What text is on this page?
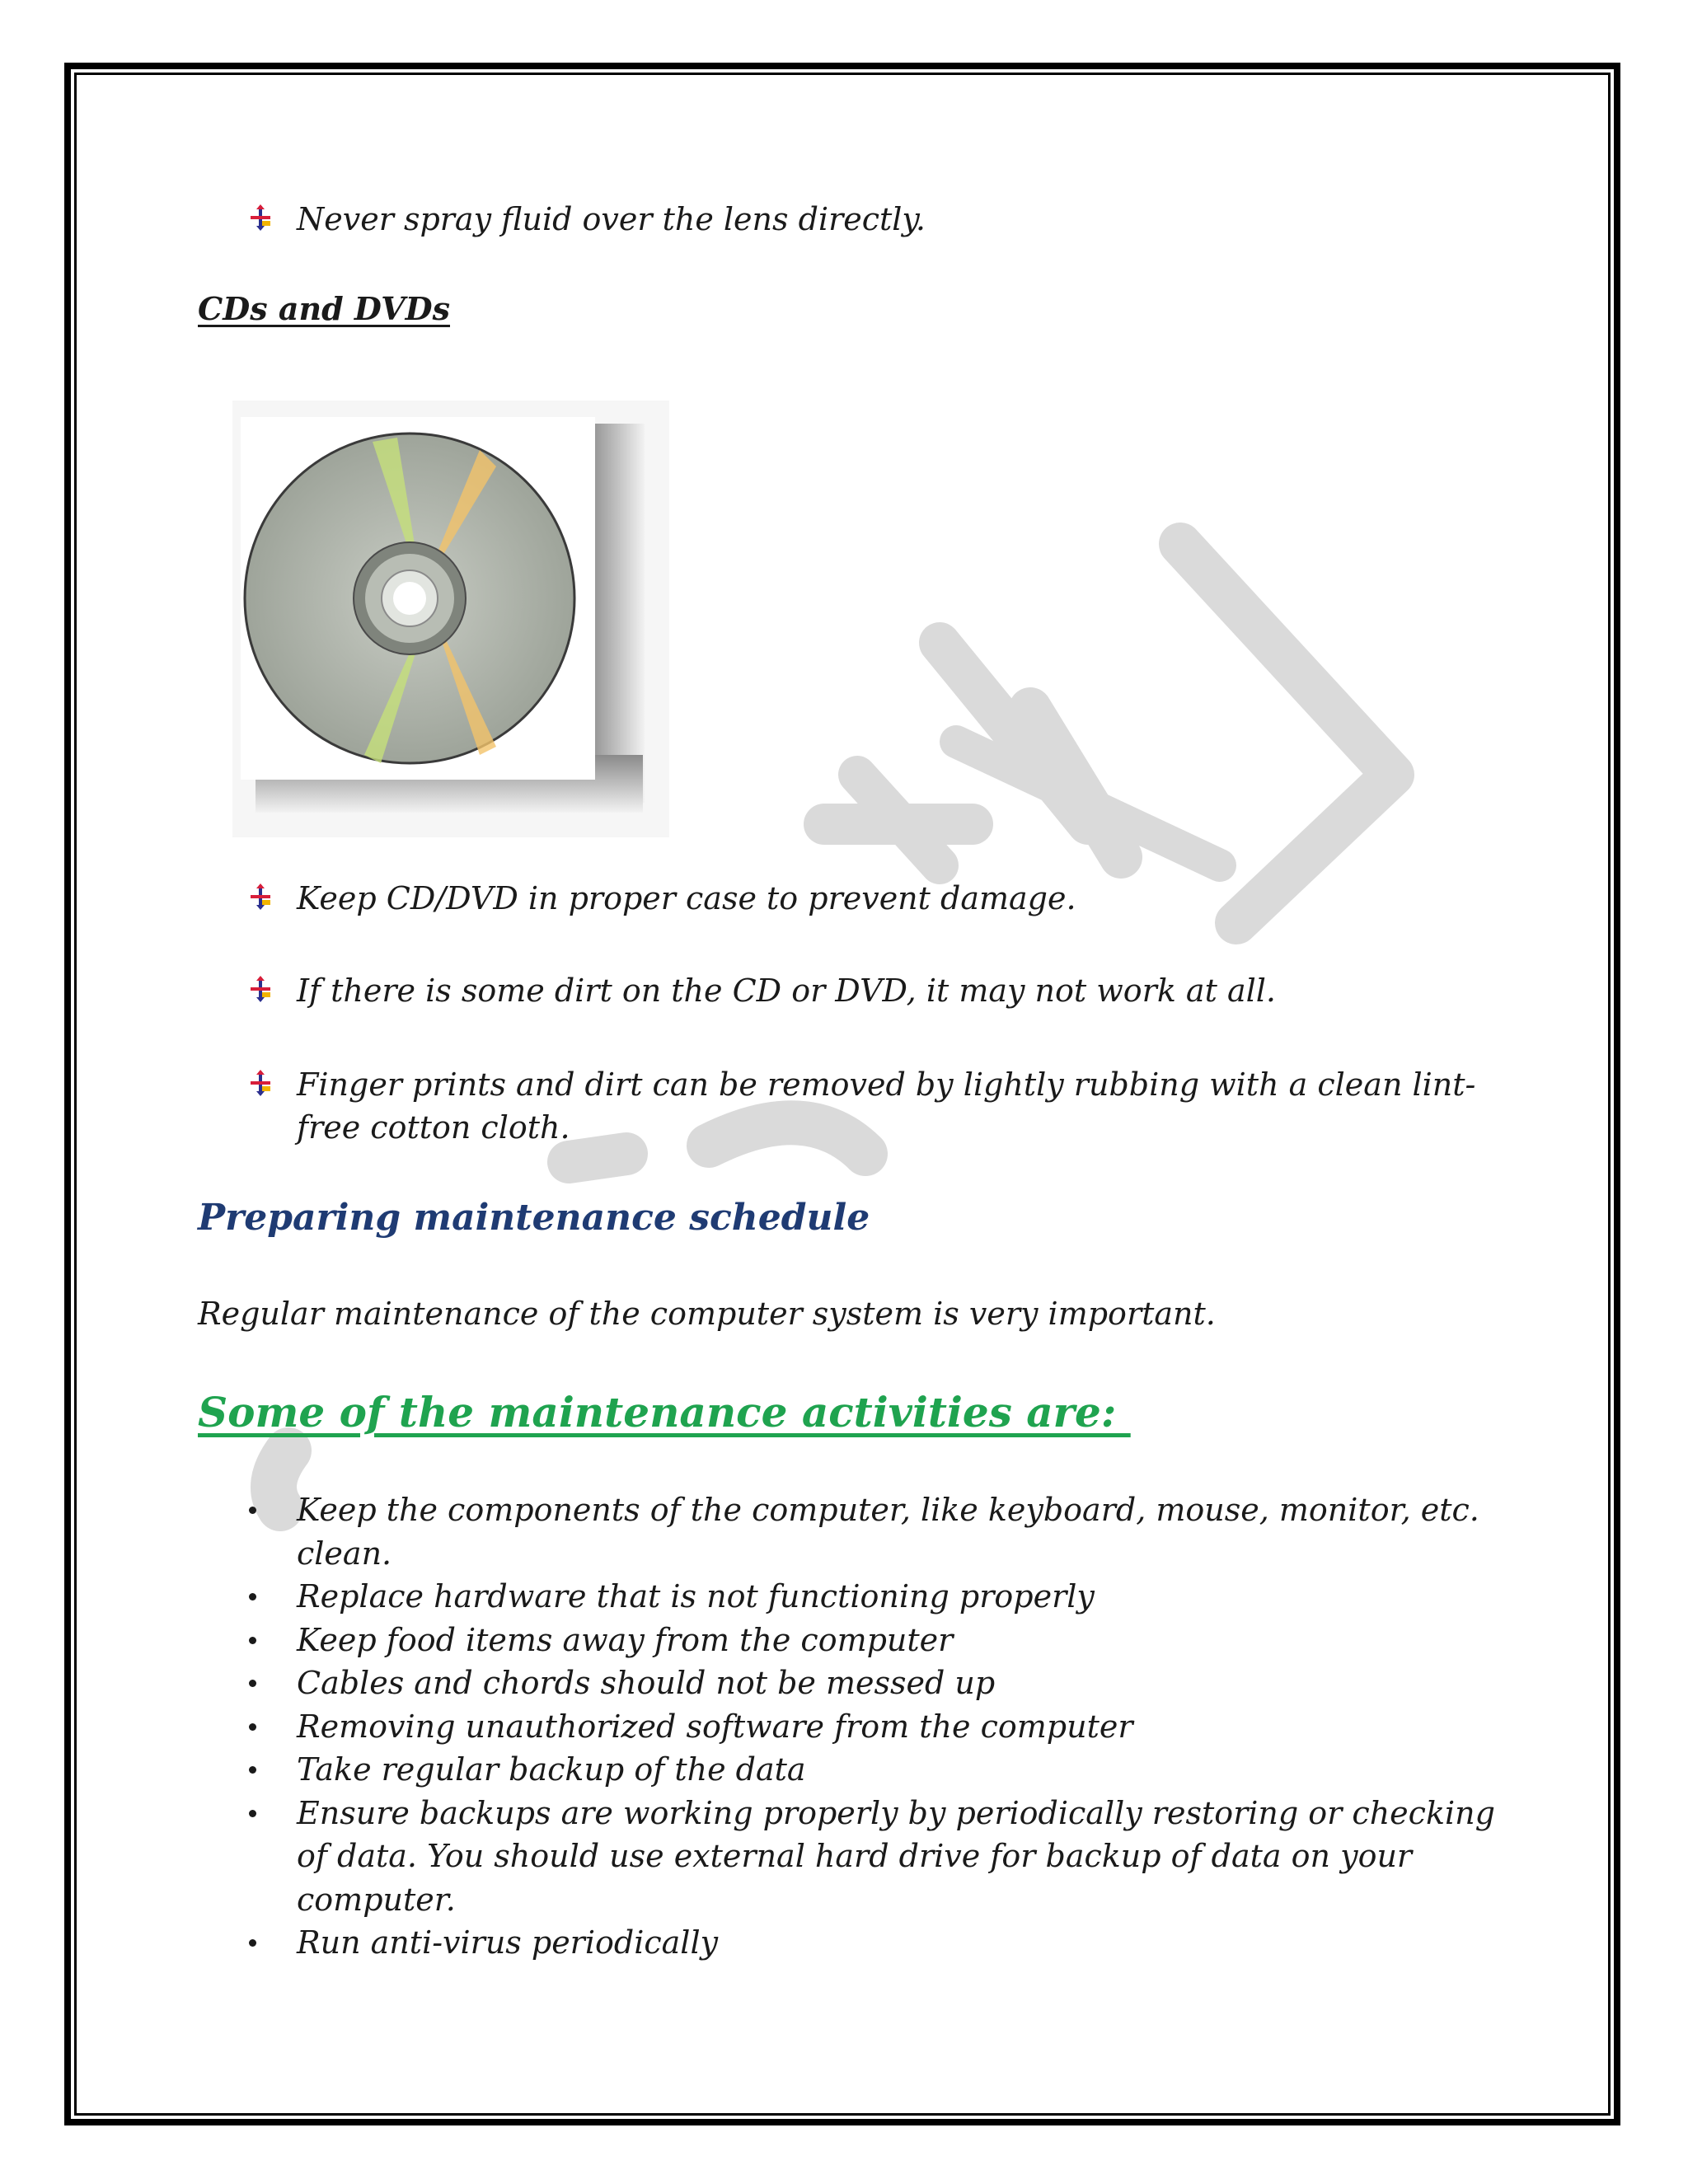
Never spray fluid over the lens directly.
CDs and DVDs
Keep CD/DVD in proper case to prevent damage.
If there is some dirt on the CD or DVD, it may not work at all.
Finger prints and dirt can be removed by lightly rubbing with a clean lint-free cotton cloth.
Preparing maintenance schedule
Regular maintenance of the computer system is very important.
Some of the maintenance activities are:
Keep the components of the computer, like keyboard, mouse, monitor, etc. clean.
Replace hardware that is not functioning properly
Keep food items away from the computer
Cables and chords should not be messed up
Removing unauthorized software from the computer
Take regular backup of the data
Ensure backups are working properly by periodically restoring or checking of data. You should use external hard drive for backup of data on your computer.
Run anti-virus periodically
